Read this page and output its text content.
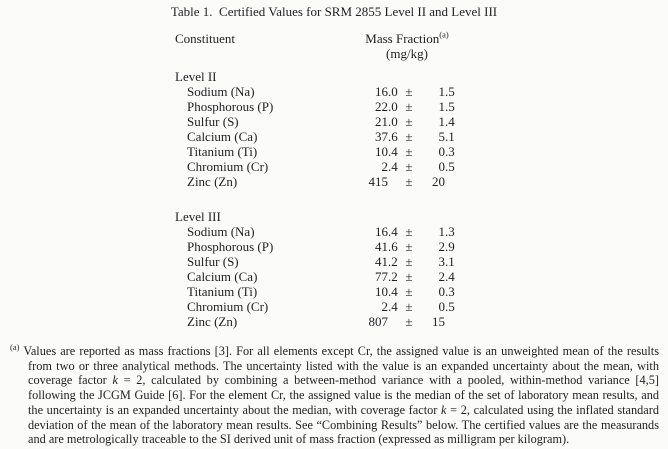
Table 1.  Certified Values for SRM 2855 Level II and Level III
Constituent	Mass Fraction$^{(a)}$
(mg/kg)
Level II
Sodium (Na)	16 .0 ±	1 .5
Phosphorous (P)	22 .0 ±	1 .5
Sulfur (S)	21 .0 ±	1 .4
Calcium (Ca)	37 .6 ±	5 .1
Titanium (Ti)	10 .4 ±	0 .3
Chromium (Cr)	2 .4 ±	0 .5
Zinc (Zn)	415	±	20
Level III
Sodium (Na)	16 .4 ±	1 .3
Phosphorous (P)	41 .6 ±	2 .9
Sulfur (S)	41 .2 ±	3 .1
Calcium (Ca)	77 .2 ±	2 .4
Titanium (Ti)	10 .4 ±	0 .3
Chromium (Cr)	2 .4 ±	0 .5
Zinc (Zn)	807	±	15
$^{(a)}$ Values are reported as mass fractions [3]. For all elements except Cr, the assigned value is an unweighted mean of the results
from two or three analytical methods. The uncertainty listed with the value is an expanded uncertainty about the mean, with
coverage factor k = 2, calculated by combining a between-method variance with a pooled, within-method variance [4,5]
following the JCGM Guide [6]. For the element Cr, the assigned value is the median of the set of laboratory mean results, and
the uncertainty is an expanded uncertainty about the median, with coverage factor k = 2, calculated using the inflated standard
deviation of the mean of the laboratory mean results. See “Combining Results” below. The certified values are the measurands
and are metrologically traceable to the SI derived unit of mass fraction (expressed as milligram per kilogram).
